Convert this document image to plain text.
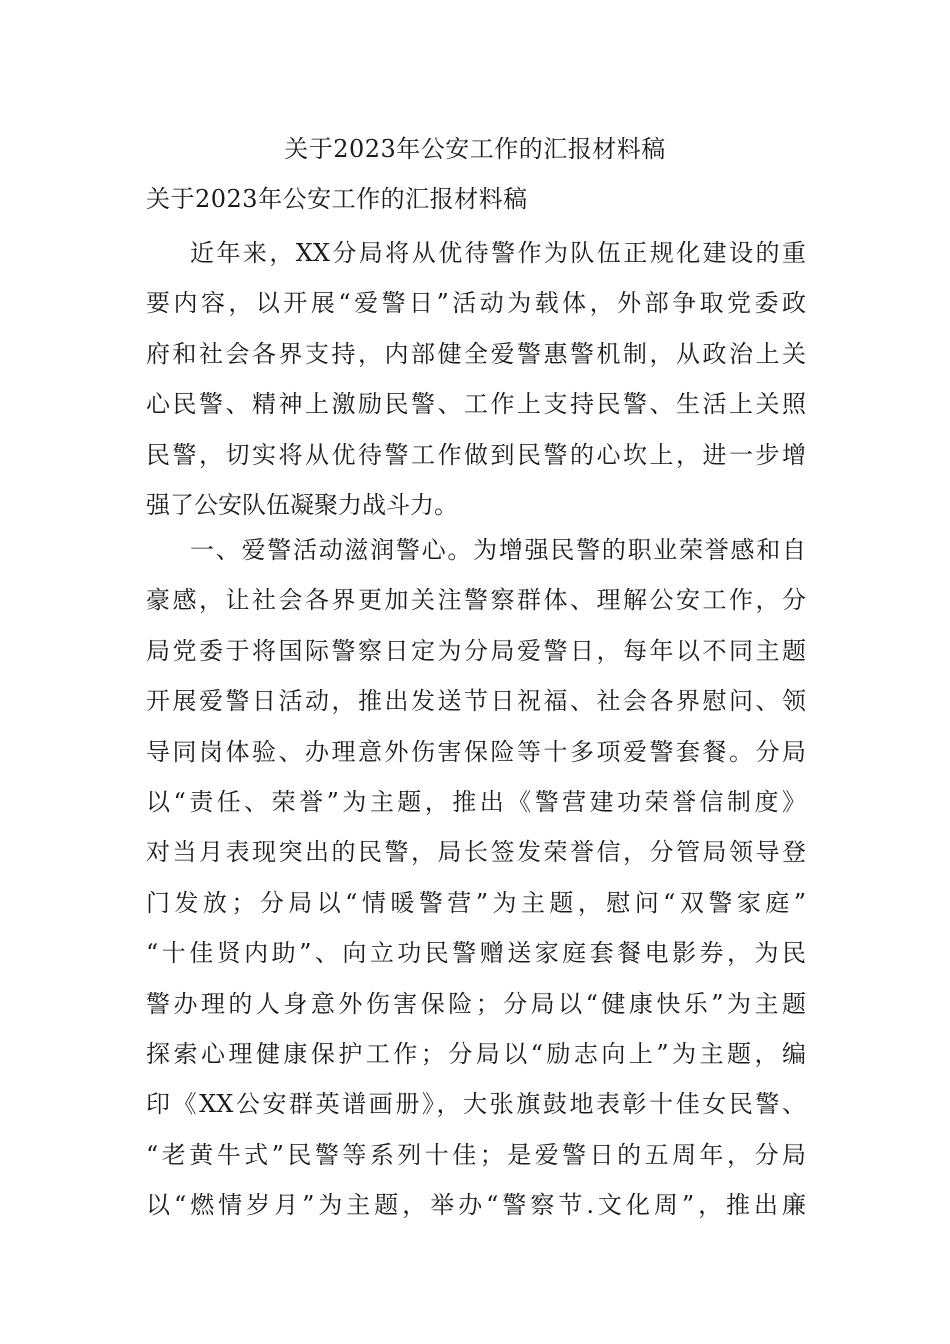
关于2023年公安工作的汇报材料稿
关于2023年公安工作的汇报材料稿
近年来，XX分局将从优待警作为队伍正规化建设的重
要内容，以开展“爱警日”活动为载体，外部争取党委政
府和社会各界支持，内部健全爱警惠警机制，从政治上关
心民警、精神上激励民警、工作上支持民警、生活上关照
民警，切实将从优待警工作做到民警的心坎上，进一步增
强了公安队伍凝聚力战斗力。
一、爱警活动滋润警心。为增强民警的职业荣誉感和自
豪感，让社会各界更加关注警察群体、理解公安工作，分
局党委于将国际警察日定为分局爱警日，每年以不同主题
开展爱警日活动，推出发送节日祝福、社会各界慰问、领
导同岗体验、办理意外伤害保险等十多项爱警套餐。分局
以“责任、荣誉”为主题，推出《警营建功荣誉信制度》
对当月表现突出的民警，局长签发荣誉信，分管局领导登
门发放；分局以“情暖警营”为主题，慰问“双警家庭”
“十佳贤内助”、向立功民警赠送家庭套餐电影券，为民
警办理的人身意外伤害保险；分局以“健康快乐”为主题
探索心理健康保护工作；分局以“励志向上”为主题，编
印《XX公安群英谱画册》，大张旗鼓地表彰十佳女民警、
“老黄牛式”民警等系列十佳；是爱警日的五周年，分局
以“燃情岁月”为主题，举办“警察节.文化周”，推出廉
